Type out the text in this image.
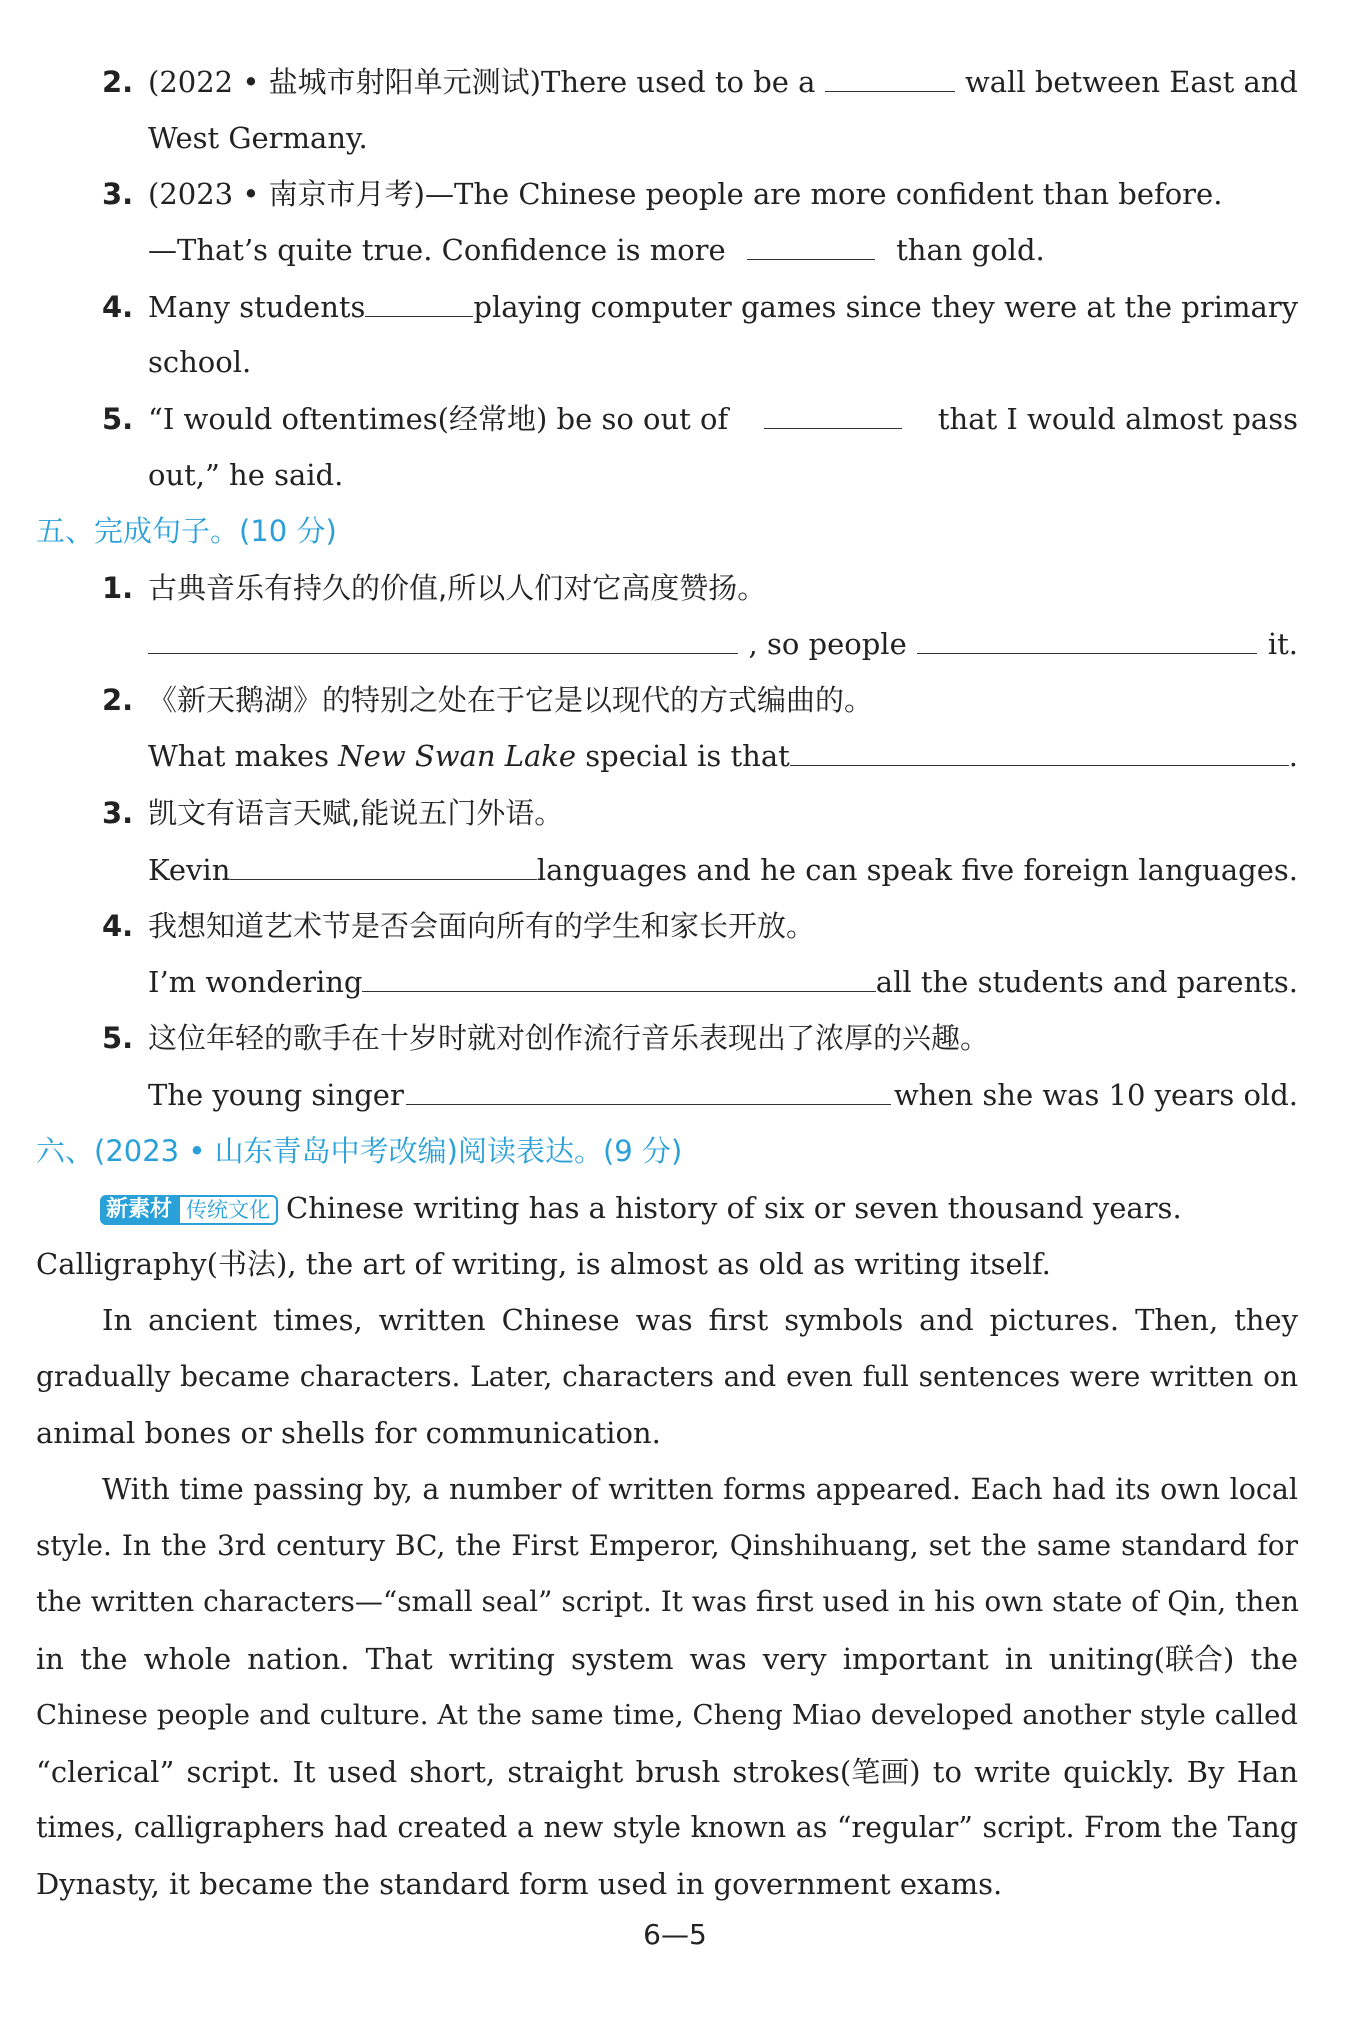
2. (2022 • 盐城市射阳单元测试)There used to be a	wall between East and
West Germany.
3. (2023 • 南京市月考)—The Chinese people are more confident than before.
—That’s quite true. Confidence is more	than gold.
4. Many students	playing computer games since they were at the primary
school.
5. “I would oftentimes(经常地) be so out of	that I would almost pass
out,” he said.
五、完成句子。(10 分)
1. 古典音乐有持久的价值,所以人们对它高度赞扬。
, so people	it.
2. 《新天鹅湖》的特别之处在于它是以现代的方式编曲的。
What makes New Swan Lake special is that	.
3. 凯文有语言天赋,能说五门外语。
Kevin	languages and he can speak five foreign languages.
4. 我想知道艺术节是否会面向所有的学生和家长开放。
I’m wondering	all the students and parents.
5. 这位年轻的歌手在十岁时就对创作流行音乐表现出了浓厚的兴趣。
The young singer	when she was 10 years old.
六、(2023 • 山东青岛中考改编)阅读表达。(9 分)
新素材 传统文化 Chinese writing has a history of six or seven thousand years.
Calligraphy(书法), the art of writing, is almost as old as writing itself.
In ancient times, written Chinese was first symbols and pictures. Then, they
gradually became characters. Later, characters and even full sentences were written on
animal bones or shells for communication.
With time passing by, a number of written forms appeared. Each had its own local
style. In the 3rd century BC, the First Emperor, Qinshihuang, set the same standard for
the written characters—“small seal” script. It was first used in his own state of Qin, then
in the whole nation. That writing system was very important in uniting(联合) the
Chinese people and culture. At the same time, Cheng Miao developed another style called
“clerical” script. It used short, straight brush strokes(笔画) to write quickly. By Han
times, calligraphers had created a new style known as “regular” script. From the Tang
Dynasty, it became the standard form used in government exams.
6—5
